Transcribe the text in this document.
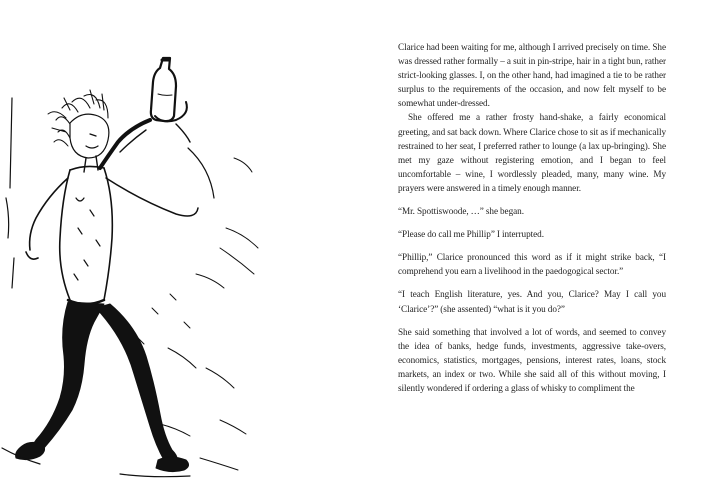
Clarice had been waiting for me, although I arrived precisely on time. She was dressed rather formally – a suit in pin-stripe, hair in a tight bun, rather strict-looking glasses. I, on the other hand, had imagined a tie to be rather surplus to the requirements of the occasion, and now felt myself to be somewhat under-dressed.

She offered me a rather frosty hand-shake, a fairly economical greeting, and sat back down. Where Clarice chose to sit as if mechanically restrained to her seat, I preferred rather to lounge (a lax up-bringing). She met my gaze without registering emotion, and I began to feel uncomfortable – wine, I wordlessly pleaded, many, many wine. My prayers were answered in a timely enough manner.

“Mr. Spottiswoode, …” she began.

“Please do call me Phillip” I interrupted.

“Phillip,” Clarice pronounced this word as if it might strike back, “I comprehend you earn a livelihood in the paedogogical sector.”

“I teach English literature, yes. And you, Clarice? May I call you ‘Clarice’?” (she assented) “what is it you do?”

She said something that involved a lot of words, and seemed to convey the idea of banks, hedge funds, investments, aggressive take-overs, economics, statistics, mortgages, pensions, interest rates, loans, stock markets, an index or two. While she said all of this without moving, I silently wondered if ordering a glass of whisky to compliment the
